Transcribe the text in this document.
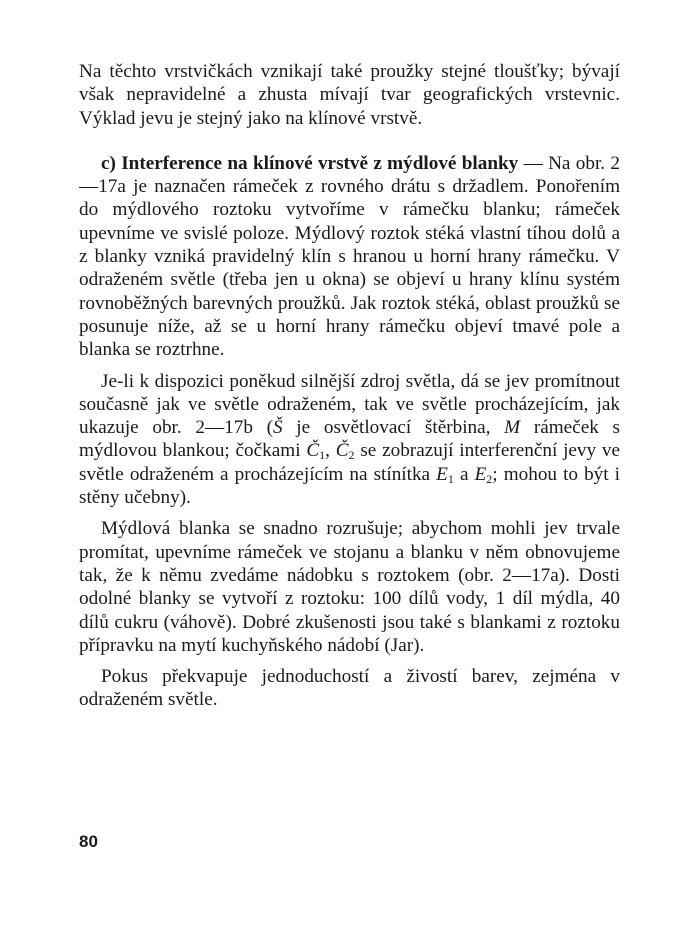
Na těchto vrstvičkách vznikají také proužky stejné tloušťky; bývají však nepravidelné a zhusta mívají tvar geografických vrstevnic. Výklad jevu je stejný jako na klínové vrstvě.

c) Interference na klínové vrstvě z mýdlové blanky — Na obr. 2—17a je naznačen rámeček z rovného drátu s držadlem. Ponořením do mýdlového roztoku vytvoříme v rámečku blanku; rámeček upevníme ve svislé poloze. Mýdlový roztok stéká vlastní tíhou dolů a z blanky vzniká pravidelný klín s hranou u horní hrany rámečku. V odraženém světle (třeba jen u okna) se objeví u hrany klínu systém rovnoběžných barevných proužků. Jak roztok stéká, oblast proužků se posunuje níže, až se u horní hrany rámečku objeví tmavé pole a blanka se roztrhne.

Je-li k dispozici poněkud silnější zdroj světla, dá se jev promítnout současně jak ve světle odraženém, tak ve světle procházejícím, jak ukazuje obr. 2—17b (Š je osvětlovací štěrbina, M rámeček s mýdlovou blankou; čočkami $Č_1$, $Č_2$ se zobrazují interferenční jevy ve světle odraženém a procházejícím na stínítka $E_1$ a $E_2$; mohou to být i stěny učebny).

Mýdlová blanka se snadno rozrušuje; abychom mohli jev trvale promítat, upevníme rámeček ve stojanu a blanku v něm obnovujeme tak, že k němu zvedáme nádobku s roztokem (obr. 2—17a). Dosti odolné blanky se vytvoří z roztoku: 100 dílů vody, 1 díl mýdla, 40 dílů cukru (váhově). Dobré zkušenosti jsou také s blankami z roztoku přípravku na mytí kuchyňského nádobí (Jar).

Pokus překvapuje jednoduchostí a živostí barev, zejména v odraženém světle.

80
